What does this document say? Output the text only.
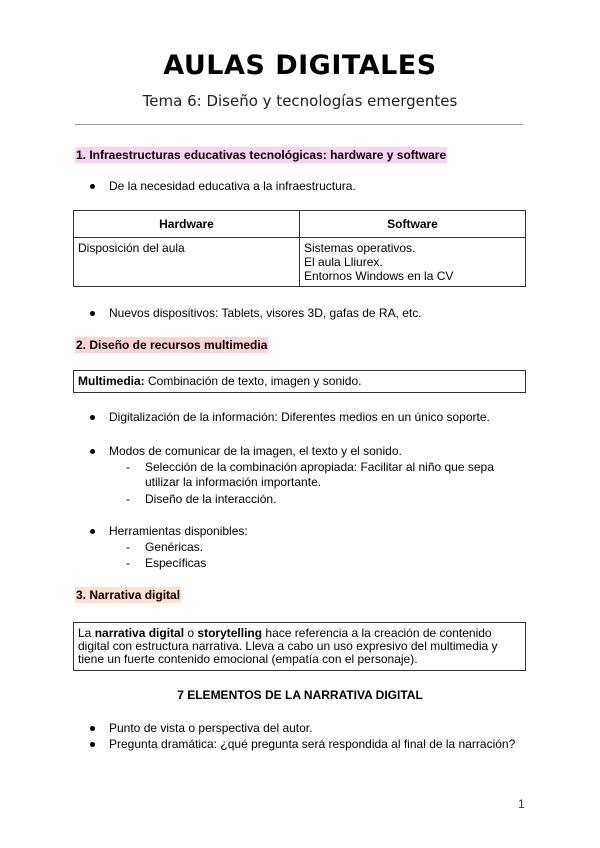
AULAS DIGITALES
Tema 6: Diseño y tecnologías emergentes
1. Infraestructuras educativas tecnológicas: hardware y software
De la necesidad educativa a la infraestructura.
Hardware	Software
Disposición del aula	Sistemas operativos.
El aula Lliurex.
Entornos Windows en la CV
Nuevos dispositivos: Tablets, visores 3D, gafas de RA, etc.
2. Diseño de recursos multimedia
Multimedia: Combinación de texto, imagen y sonido.
Digitalización de la información: Diferentes medios en un único soporte.
Modos de comunicar de la imagen, el texto y el sonido.
- Selección de la combinación apropiada: Facilitar al niño que sepa utilizar la información importante.
- Diseño de la interacción.
Herramientas disponibles:
- Genéricas.
- Específicas
3. Narrativa digital
La narrativa digital o storytelling hace referencia a la creación de contenido digital con estructura narrativa. Lleva a cabo un uso expresivo del multimedia y tiene un fuerte contenido emocional (empatía con el personaje).
7 ELEMENTOS DE LA NARRATIVA DIGITAL
Punto de vista o perspectiva del autor.
Pregunta dramática: ¿qué pregunta será respondida al final de la narración?
1
